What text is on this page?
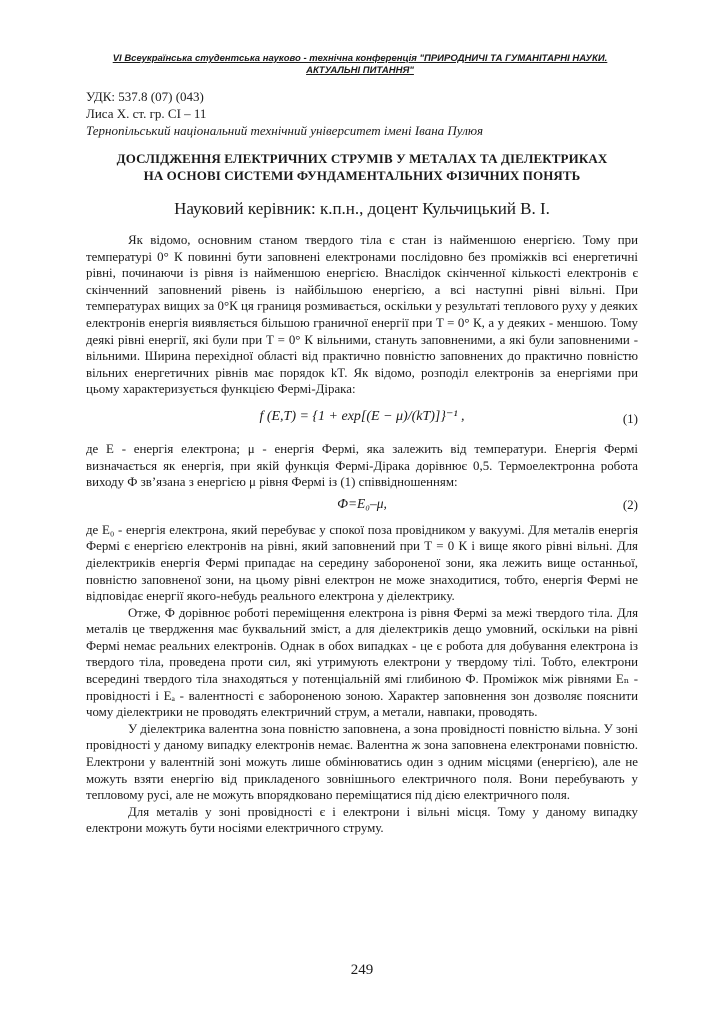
VI Всеукраїнська студентська науково - технічна конференція "ПРИРОДНИЧІ ТА ГУМАНІТАРНІ НАУКИ.
АКТУАЛЬНІ ПИТАННЯ"
УДК: 537.8 (07) (043)
Лиса Х. ст. гр. СІ – 11
Тернопільський національний технічний університет імені Івана Пулюя
ДОСЛІДЖЕННЯ ЕЛЕКТРИЧНИХ СТРУМІВ У МЕТАЛАХ ТА ДІЕЛЕКТРИКАХ
НА ОСНОВІ СИСТЕМИ ФУНДАМЕНТАЛЬНИХ ФІЗИЧНИХ ПОНЯТЬ
Науковий керівник: к.п.н., доцент Кульчицький В. І.

Як відомо, основним станом твердого тіла є стан із найменшою енергією. Тому при температурі 0° К повинні бути заповнені електронами послідовно без проміжків всі енергетичні рівні, починаючи із рівня із найменшою енергією. Внаслідок скінченної кількості електронів є скінченний заповнений рівень із найбільшою енергією, а всі наступні рівні вільні. При температурах вищих за 0°К ця границя розмивається, оскільки у результаті теплового руху у деяких електронів енергія виявляється більшою граничної енергії при T = 0° К, а у деяких - меншою. Тому деякі рівні енергії, які були при T = 0° К вільними, стануть заповненими, а які були заповненими - вільними. Ширина перехідної області від практично повністю заповнених до практично повністю вільних енергетичних рівнів має порядок kT. Як відомо, розподіл електронів за енергіями при цьому характеризується функцією Фермі-Дірака:

f (E,T) = {1 + exp[(E − μ)/(kT)]}⁻¹ ,	(1)

де E - енергія електрона; μ - енергія Фермі, яка залежить від температури. Енергія Фермі визначається як енергія, при якій функція Фермі-Дірака дорівнює 0,5. Термоелектронна робота виходу Ф зв’язана з енергією μ рівня Фермі із (1) співвідношенням:

Ф=E₀–μ,	(2)

де E₀ - енергія електрона, який перебуває у спокої поза провідником у вакуумі. Для металів енергія Фермі є енергією електронів на рівні, який заповнений при T = 0 К і вище якого рівні вільні. Для діелектриків енергія Фермі припадає на середину забороненої зони, яка лежить вище останньої, повністю заповненої зони, на цьому рівні електрон не може знаходитися, тобто, енергія Фермі не відповідає енергії якого-небудь реального електрона у діелектрику.

Отже, Ф дорівнює роботі переміщення електрона із рівня Фермі за межі твердого тіла. Для металів це твердження має буквальний зміст, а для діелектриків дещо умовний, оскільки на рівні Фермі немає реальних електронів. Однак в обох випадках - це є робота для добування електрона із твердого тіла, проведена проти сил, які утримують електрони у твердому тілі. Тобто, електрони всередині твердого тіла знаходяться у потенціальній ямі глибиною Ф. Проміжок між рівнями Eₙ - провідності і Eₐ - валентності є забороненою зоною. Характер заповнення зон дозволяє пояснити чому діелектрики не проводять електричний струм, а метали, навпаки, проводять.

У діелектрика валентна зона повністю заповнена, а зона провідності повністю вільна. У зоні провідності у даному випадку електронів немає. Валентна ж зона заповнена електронами повністю. Електрони у валентній зоні можуть лише обмінюватись один з одним місцями (енергією), але не можуть взяти енергію від прикладеного зовнішнього електричного поля. Вони перебувають у тепловому русі, але не можуть впорядковано переміщатися під дією електричного поля.

Для металів у зоні провідності є і електрони і вільні місця. Тому у даному випадку електрони можуть бути носіями електричного струму.

249
